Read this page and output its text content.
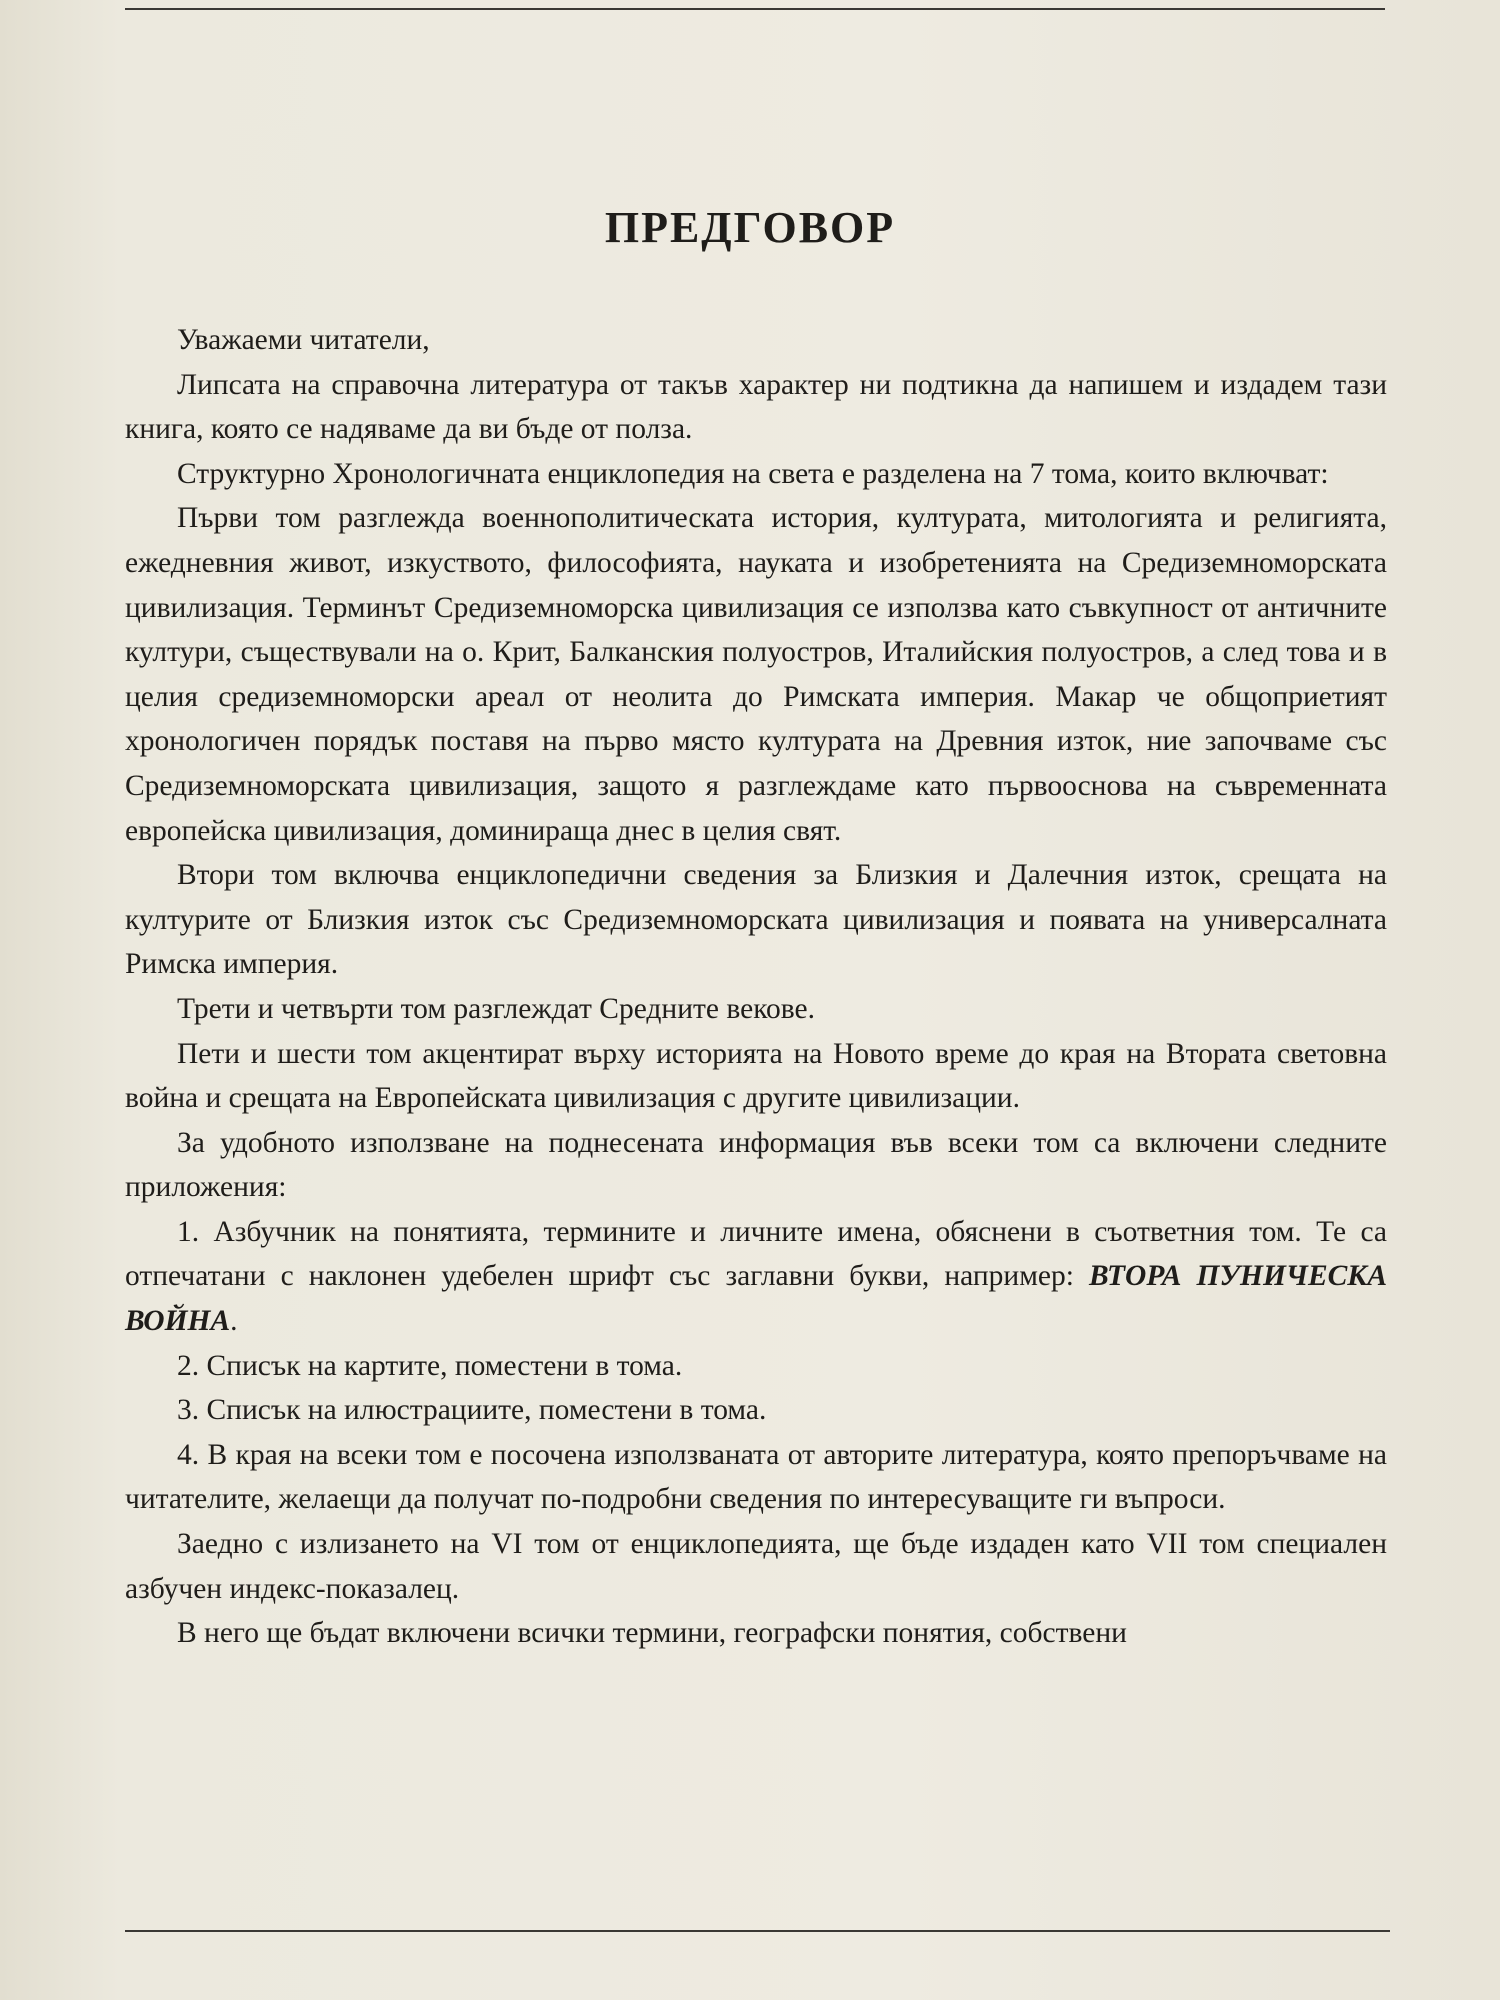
ПРЕДГОВОР

Уважаеми читатели,

Липсата на справочна литература от такъв характер ни подтикна да напишем и издадем тази книга, която се надяваме да ви бъде от полза.

Структурно Хронологичната енциклопедия на света е разделена на 7 тома, които включват:

Първи том разглежда военнополитическата история, културата, митологията и религията, ежедневния живот, изкуството, философията, науката и изобретенията на Средиземноморската цивилизация. Терминът Средиземноморска цивилизация се използва като съвкупност от античните култури, съществували на о. Крит, Балканския полуостров, Италийския полуостров, а след това и в целия средиземноморски ареал от неолита до Римската империя. Макар че общоприетият хронологичен порядък поставя на първо място културата на Древния изток, ние започваме със Средиземноморската цивилизация, защото я разглеждаме като първооснова на съвременната европейска цивилизация, доминираща днес в целия свят.

Втори том включва енциклопедични сведения за Близкия и Далечния изток, срещата на културите от Близкия изток със Средиземноморската цивилизация и появата на универсалната Римска империя.

Трети и четвърти том разглеждат Средните векове.

Пети и шести том акцентират върху историята на Новото време до края на Втората световна война и срещата на Европейската цивилизация с другите цивилизации.

За удобното използване на поднесената информация във всеки том са включени следните приложения:

1. Азбучник на понятията, термините и личните имена, обяснени в съответния том. Те са отпечатани с наклонен удебелен шрифт със заглавни букви, например: ВТОРА ПУНИЧЕСКА ВОЙНА.

2. Списък на картите, поместени в тома.

3. Списък на илюстрациите, поместени в тома.

4. В края на всеки том е посочена използваната от авторите литература, която препоръчваме на читателите, желаещи да получат по-подробни сведения по интересуващите ги въпроси.

Заедно с излизането на VI том от енциклопедията, ще бъде издаден като VII том специален азбучен индекс-показалец.

В него ще бъдат включени всички термини, географски понятия, собствени
